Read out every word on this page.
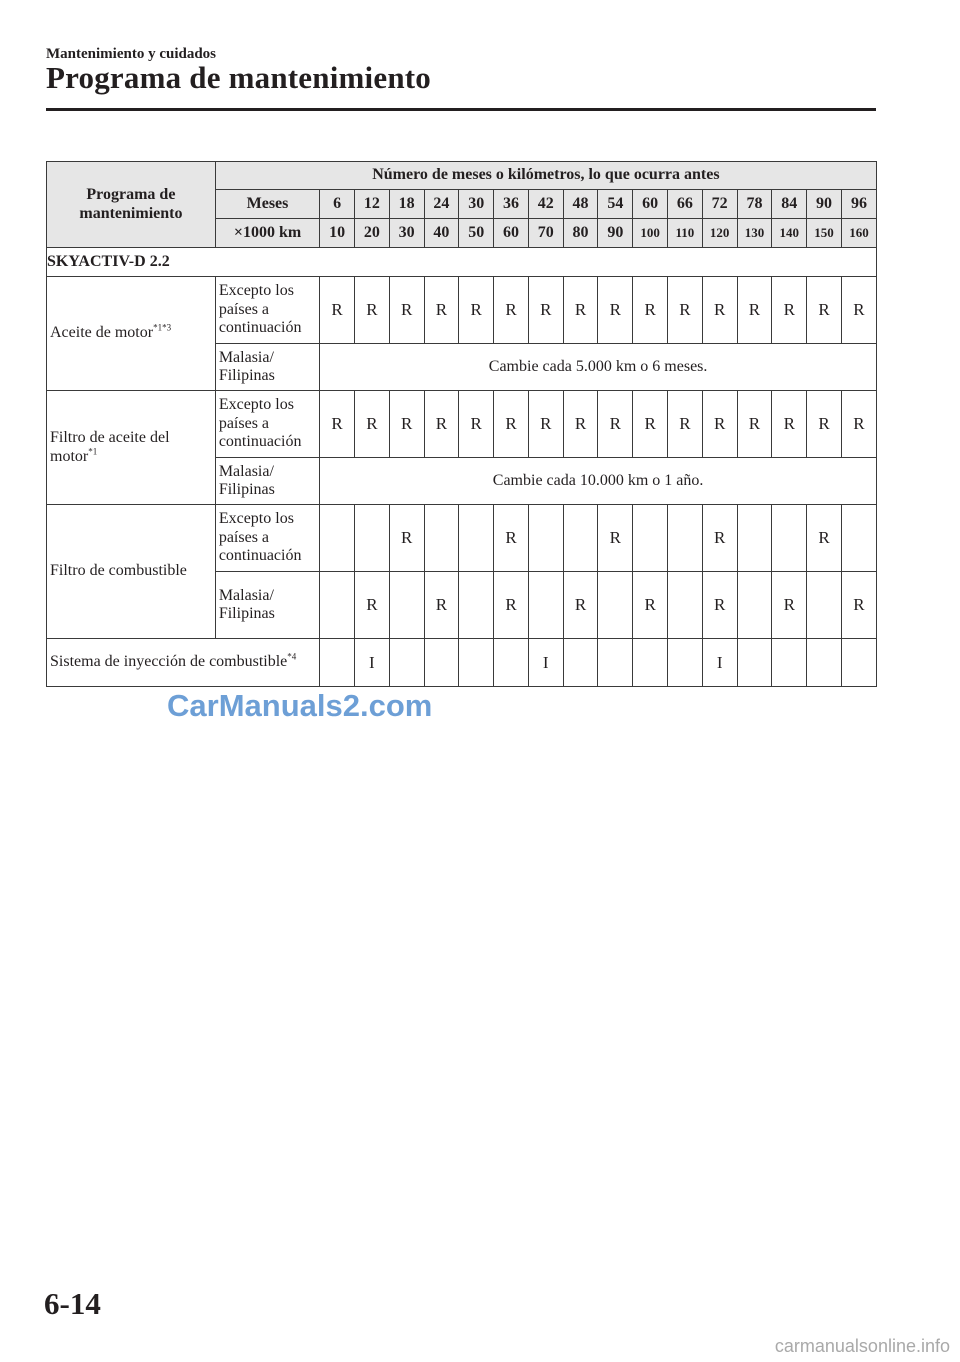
Mantenimiento y cuidados
Programa de mantenimiento
Programa de mantenimiento	Número de meses o kilómetros, lo que ocurra antes																
	Meses	6	12	18	24	30	36	42	48	54	60	66	72	78	84	90	96
	×1000 km	10	20	30	40	50	60	70	80	90	100	110	120	130	140	150	160
SKYACTIV-D 2.2																	
Aceite de motor$^{*1*3}$	Excepto los países a continuación	R	R	R	R	R	R	R	R	R	R	R	R	R	R	R	R
	Malasia/ Filipinas	Cambie cada 5.000 km o 6 meses.															
Filtro de aceite del motor$^{*1}$	Excepto los países a continuación	R	R	R	R	R	R	R	R	R	R	R	R	R	R	R	R
	Malasia/ Filipinas	Cambie cada 10.000 km o 1 año.															
Filtro de combustible	Excepto los países a continuación			R			R			R			R			R	
	Malasia/ Filipinas		R		R		R		R		R		R		R		R
Sistema de inyección de combustible$^{*4}$			I					I					I				
CarManuals2.com
6-14
carmanualsonline.info
